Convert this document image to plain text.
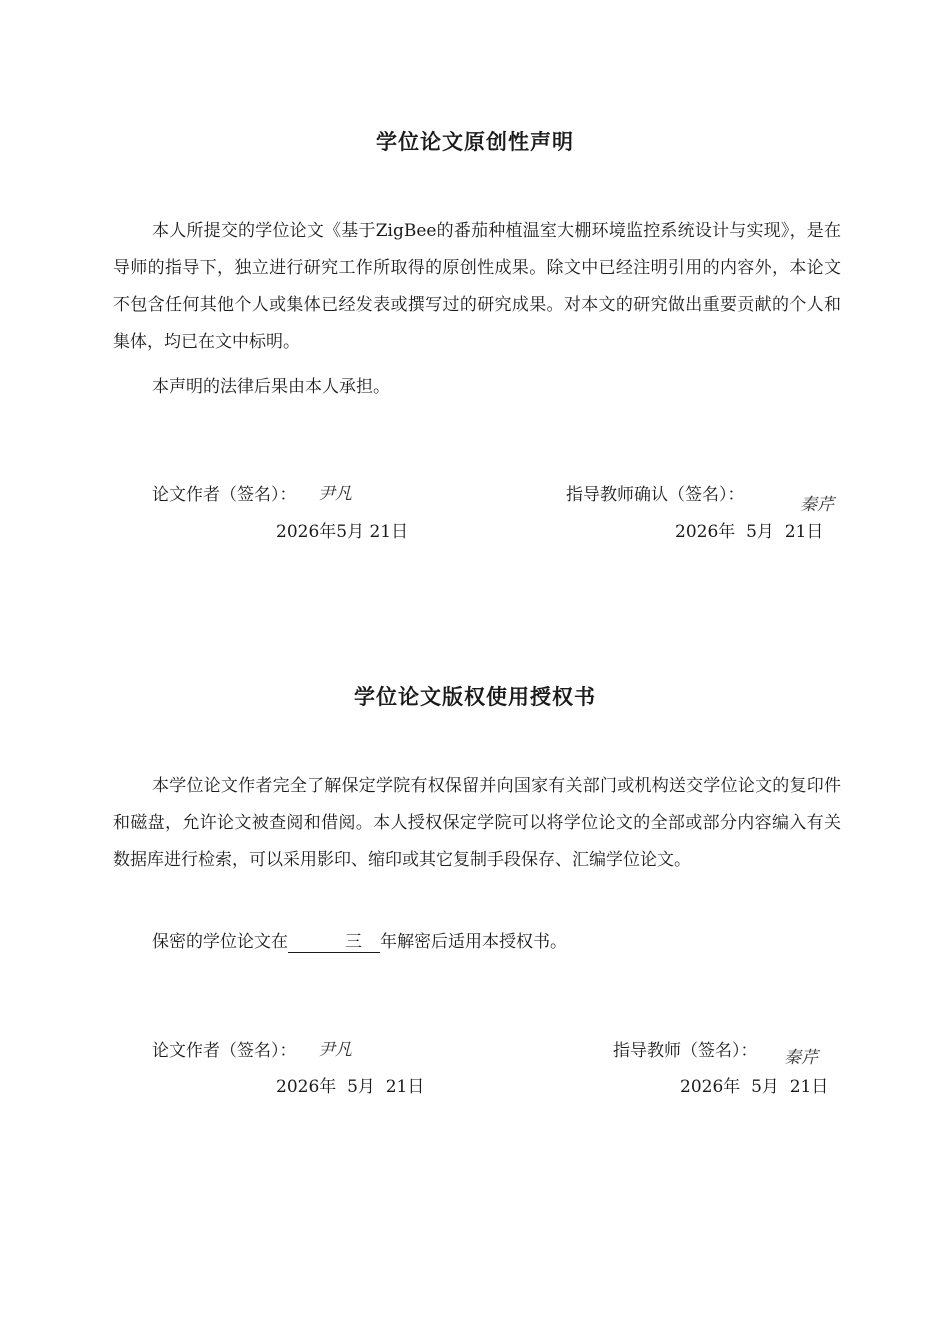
学位论文原创性声明

本人所提交的学位论文《基于ZigBee的番茄种植温室大棚环境监控系统设计与实现》，是在导师的指导下，独立进行研究工作所取得的原创性成果。除文中已经注明引用的内容外，本论文不包含任何其他个人或集体已经发表或撰写过的研究成果。对本文的研究做出重要贡献的个人和集体，均已在文中标明。

本声明的法律后果由本人承担。

论文作者（签名）： 尹凡	指导教师确认（签名）：	秦芹
2026年5月 21日	2026年  5月  21日
学位论文版权使用授权书

本学位论文作者完全了解保定学院有权保留并向国家有关部门或机构送交学位论文的复印件和磁盘，允许论文被查阅和借阅。本人授权保定学院可以将学位论文的全部或部分内容编入有关数据库进行检索，可以采用影印、缩印或其它复制手段保存、汇编学位论文。

保密的学位论文在	三 年解密后适用本授权书。

论文作者（签名）： 尹凡	指导教师（签名）： 秦芹
2026年  5月  21日	2026年  5月  21日
